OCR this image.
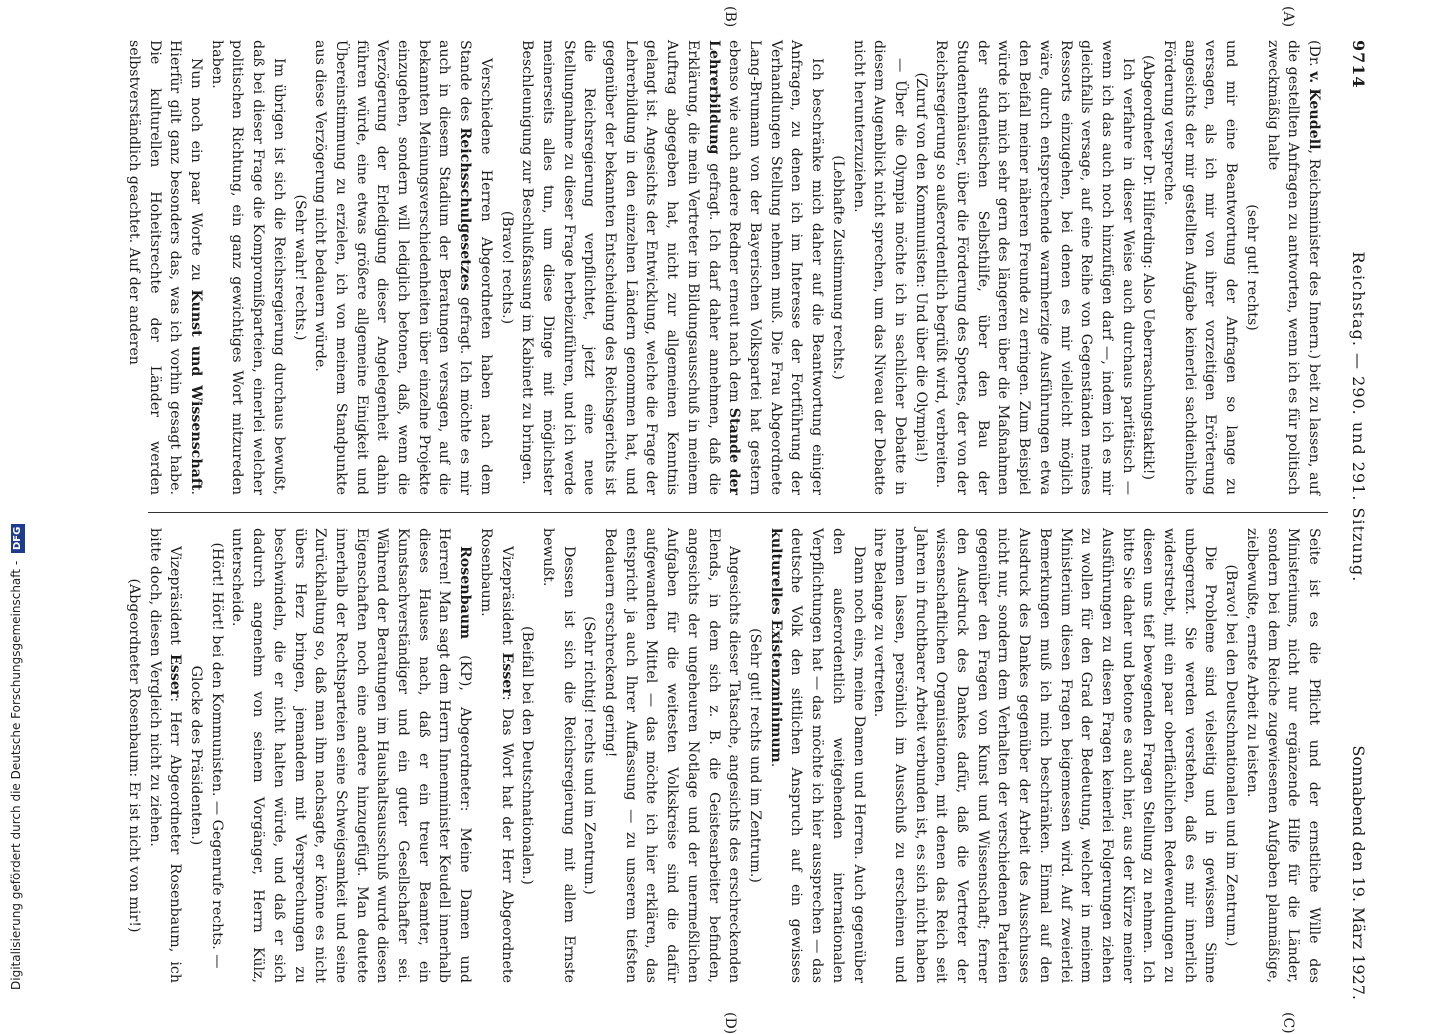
Digitalisierung gefördert durch die Deutsche Forschungsgemeinschaft - DFG
9714
Reichstag. — 290. und 291. Sitzung.
Sonnabend den 19. März 1927.
(A)
(B)
(C)
(D)

(Dr. v. Keudell, Reichsminister des Innern.) beit zu lassen, auf die gestellten Anfragen zu antworten, wenn ich es für politisch zweckmäßig halte

(sehr gut! rechts)

und mir eine Beantwortung der Anfragen so lange zu versagen, als ich mir von ihrer vorzeitigen Erörterung angesichts der mir gestellten Aufgabe keinerlei sachdienliche Förderung verspreche.

(Abgeordneter Dr. Hilferding: Also Ueberraschungstaktik!)

Ich verfahre in dieser Weise auch durchaus paritätisch — wenn ich das auch noch hinzufügen darf —, indem ich es mir gleichfalls versage, auf eine Reihe von Gegenständen meines Ressorts einzugehen, bei denen es mir vielleicht möglich wäre, durch entsprechende warmherzige Ausführungen etwa den Beifall meiner näheren Freunde zu erringen. Zum Beispiel würde ich mich sehr gern des längeren über die Maßnahmen der studentischen Selbsthilfe, über den Bau der Studentenhäuser, über die Förderung des Sportes, der von der Reichsregierung so außerordentlich begrüßt wird, verbreiten.

(Zuruf von den Kommunisten: Und über die Olympia!)

— Über die Olympia möchte ich in sachlicher Debatte in diesem Augenblick nicht sprechen, um das Niveau der Debatte nicht herunterzuziehen.

(Lebhafte Zustimmung rechts.)

Ich beschränke mich daher auf die Beantwortung einiger Anfragen, zu denen ich im Interesse der Fortführung der Verhandlungen Stellung nehmen muß. Die Frau Abgeordnete Lang-Brumann von der Bayerischen Volkspartei hat gestern ebenso wie auch andere Redner erneut nach dem Stande der Lehrerbildung gefragt. Ich darf daher annehmen, daß die Erklärung, die mein Vertreter im Bildungsausschuß in meinem Auftrag abgegeben hat, nicht zur allgemeinen Kenntnis gelangt ist. Angesichts der Entwicklung, welche die Frage der Lehrerbildung in den einzelnen Ländern genommen hat, und gegenüber der bekannten Entscheidung des Reichsgerichts ist die Reichsregierung verpflichtet, jetzt eine neue Stellungnahme zu dieser Frage herbeizuführen, und ich werde meinerseits alles tun, um diese Dinge mit möglichster Beschleunigung zur Beschlußfassung im Kabinett zu bringen.

(Bravo! rechts.)

Verschiedene Herren Abgeordneten haben nach dem Stande des Reichsschulgesetzes gefragt. Ich möchte es mir auch in diesem Stadium der Beratungen versagen, auf die bekannten Meinungsverschiedenheiten über einzelne Projekte einzugehen, sondern will lediglich betonen, daß, wenn die Verzögerung der Erledigung dieser Angelegenheit dahin führen würde, eine etwas größere allgemeine Einigkeit und Übereinstimmung zu erzielen, ich von meinem Standpunkte aus diese Verzögerung nicht bedauern würde.

(Sehr wahr! rechts.)

Im übrigen ist sich die Reichsregierung durchaus bewußt, daß bei dieser Frage die Kompromißparteien, einerlei welcher politischen Richtung, ein ganz gewichtiges Wort mitzureden haben.

Nun noch ein paar Worte zu Kunst und Wissenschaft. Hierfür gilt ganz besonders das, was ich vorhin gesagt habe. Die kulturellen Hoheitsrechte der Länder werden selbstverständlich geachtet. Auf der anderen

Seite ist es die Pflicht und der ernstliche Wille des Ministeriums, nicht nur ergänzende Hilfe für die Länder, sondern bei dem Reiche zugewiesenen Aufgaben planmäßige, zielbewußte, ernste Arbeit zu leisten.

(Bravo! bei den Deutschnationalen und im Zentrum.)

Die Probleme sind vielseitig und in gewissem Sinne unbegrenzt. Sie werden verstehen, daß es mir innerlich widerstrebt, mit ein paar oberflächlichen Redewendungen zu diesen uns tief bewegenden Fragen Stellung zu nehmen. Ich bitte Sie daher und betone es auch hier, aus der Kürze meiner Ausführungen zu diesen Fragen keinerlei Folgerungen ziehen zu wollen für den Grad der Bedeutung, welcher in meinem Ministerium diesen Fragen beigemessen wird. Auf zweierlei Bemerkungen muß ich mich beschränken. Einmal auf den Ausdruck des Dankes gegenüber der Arbeit des Ausschusses nicht nur, sondern dem Verhalten der verschiedenen Parteien gegenüber den Fragen von Kunst und Wissenschaft; ferner den Ausdruck des Dankes dafür, daß die Vertreter der wissenschaftlichen Organisationen, mit denen das Reich seit Jahren in fruchtbarer Arbeit verbunden ist, es sich nicht haben nehmen lassen, persönlich im Ausschuß zu erscheinen und ihre Belange zu vertreten.

Dann noch eins, meine Damen und Herren. Auch gegenüber den außerordentlich weitgehenden internationalen Verpflichtungen hat — das möchte ich hier aussprechen — das deutsche Volk den sittlichen Anspruch auf ein gewisses kulturelles Existenzminimum.

(Sehr gut! rechts und im Zentrum.)

Angesichts dieser Tatsache, angesichts des erschreckenden Elends, in dem sich z. B. die Geistesarbeiter befinden, angesichts der ungeheuren Notlage und der unermeßlichen Aufgaben für die weitesten Volkskreise sind die dafür aufgewandten Mittel — das möchte ich hier erklären, das entspricht ja auch Ihrer Auffassung — zu unserem tiefsten Bedauern erschreckend gering!

(Sehr richtig! rechts und im Zentrum.)

Dessen ist sich die Reichsregierung mit allem Ernste bewußt.

(Beifall bei den Deutschnationalen.)

Vizepräsident Esser: Das Wort hat der Herr Abgeordnete Rosenbaum.

Rosenbaum (KP), Abgeordneter: Meine Damen und Herren! Man sagt dem Herrn Innenminister Keudell innerhalb dieses Hauses nach, daß er ein treuer Beamter, ein Kunstsachverständiger und ein guter Gesellschafter sei. Während der Beratungen im Haushaltsausschuß wurde diesen Eigenschaften noch eine andere hinzugefügt. Man deutete innerhalb der Rechtsparteien seine Schweigsamkeit und seine Zurückhaltung so, daß man ihm nachsagte, er könne es nicht übers Herz bringen, jemandem mit Versprechungen zu beschwindeln, die er nicht halten würde, und daß er sich dadurch angenehm von seinem Vorgänger, Herrn Külz, unterscheide.

(Hört! Hört! bei den Kommunisten. — Gegenrufe rechts. — Glocke des Präsidenten.)

Vizepräsident Esser: Herr Abgeordneter Rosenbaum, ich bitte doch, diesen Vergleich nicht zu ziehen.

(Abgeordneter Rosenbaum: Er ist nicht von mir!)
